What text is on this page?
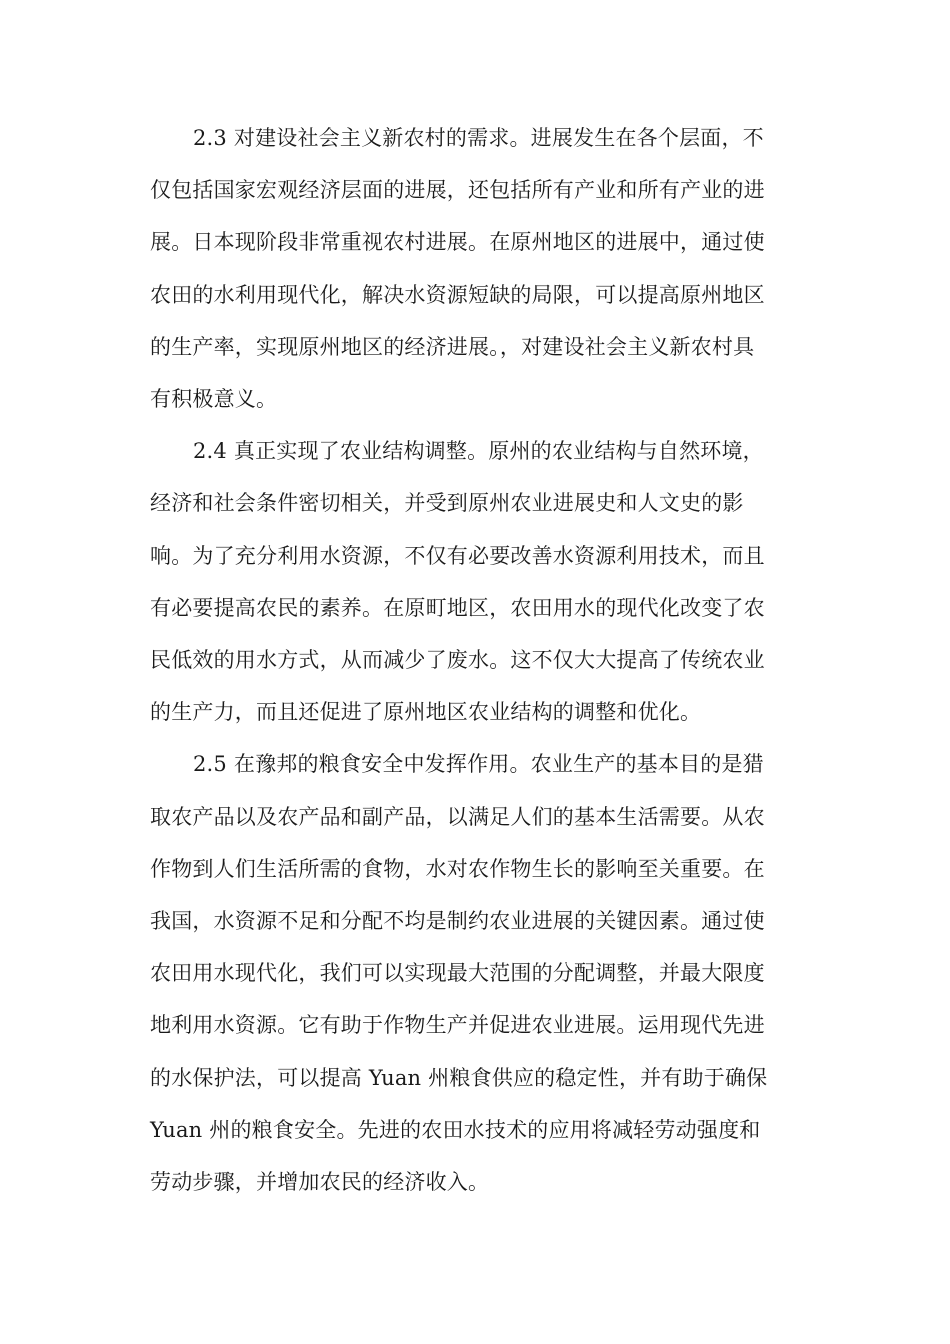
2.3 对建设社会主义新农村的需求。进展发生在各个层面，不
仅包括国家宏观经济层面的进展，还包括所有产业和所有产业的进
展。日本现阶段非常重视农村进展。在原州地区的进展中，通过使
农田的水利用现代化，解决水资源短缺的局限，可以提高原州地区
的生产率，实现原州地区的经济进展。，对建设社会主义新农村具
有积极意义。
2.4 真正实现了农业结构调整。原州的农业结构与自然环境，
经济和社会条件密切相关，并受到原州农业进展史和人文史的影
响。为了充分利用水资源，不仅有必要改善水资源利用技术，而且
有必要提高农民的素养。在原町地区，农田用水的现代化改变了农
民低效的用水方式，从而减少了废水。这不仅大大提高了传统农业
的生产力，而且还促进了原州地区农业结构的调整和优化。
2.5 在豫邦的粮食安全中发挥作用。农业生产的基本目的是猎
取农产品以及农产品和副产品，以满足人们的基本生活需要。从农
作物到人们生活所需的食物，水对农作物生长的影响至关重要。在
我国，水资源不足和分配不均是制约农业进展的关键因素。通过使
农田用水现代化，我们可以实现最大范围的分配调整，并最大限度
地利用水资源。它有助于作物生产并促进农业进展。运用现代先进
的水保护法，可以提高 Yuan 州粮食供应的稳定性，并有助于确保
Yuan 州的粮食安全。先进的农田水技术的应用将减轻劳动强度和
劳动步骤，并增加农民的经济收入。
